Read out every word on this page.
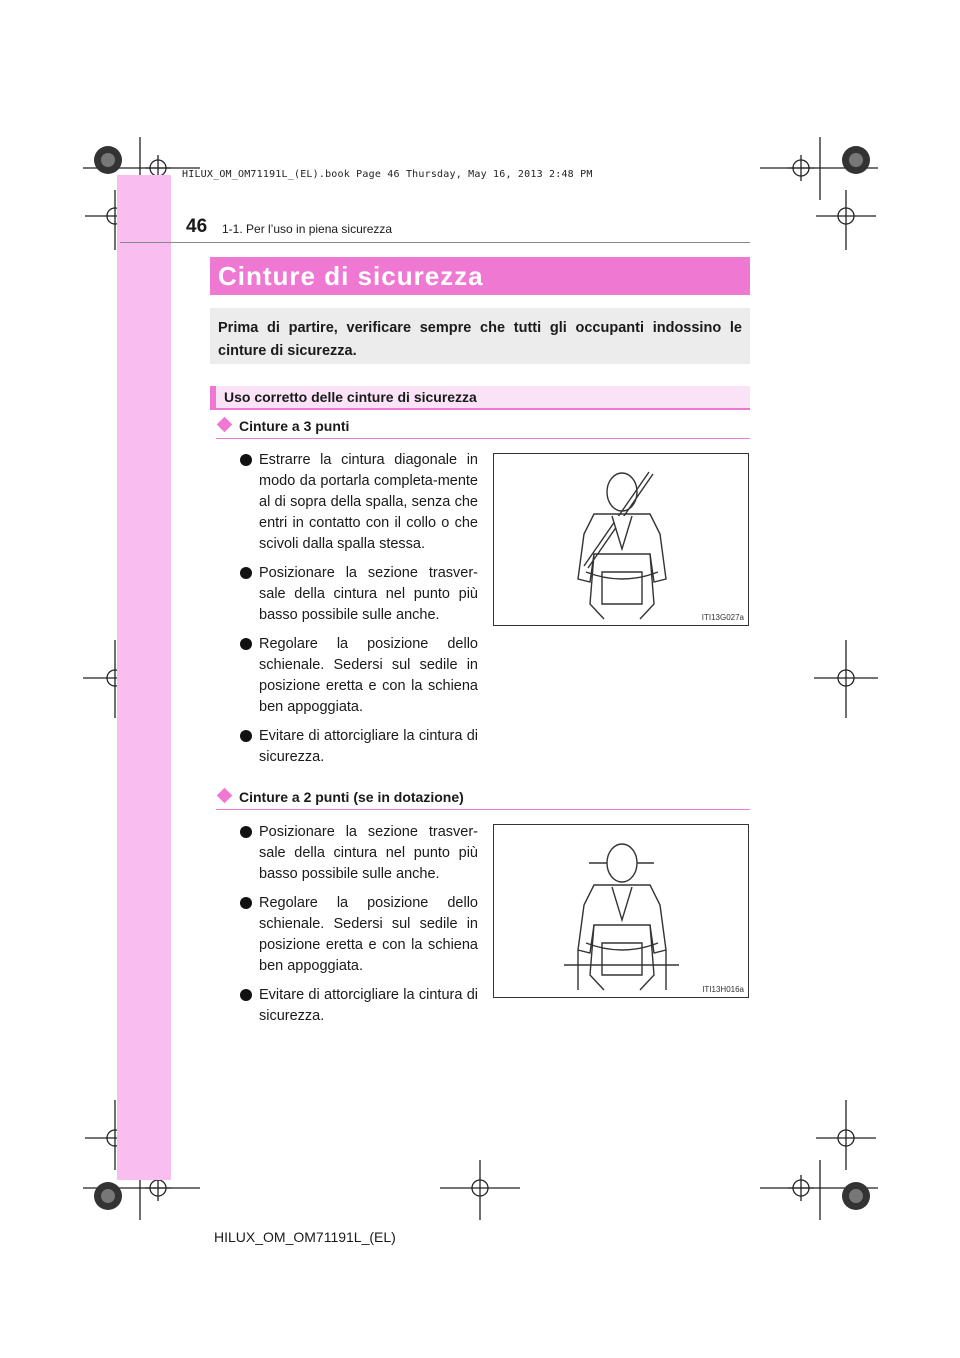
HILUX_OM_OM71191L_(EL).book Page 46 Thursday, May 16, 2013 2:48 PM
46 1-1. Per l’uso in piena sicurezza
Cinture di sicurezza
Prima di partire, verificare sempre che tutti gli occupanti indossino le cinture di sicurezza.
Uso corretto delle cinture di sicurezza
Cinture a 3 punti
Estrarre la cintura diagonale in modo da portarla completa-mente al di sopra della spalla, senza che entri in contatto con il collo o che scivoli dalla spalla stessa.
Posizionare la sezione trasver-sale della cintura nel punto più basso possibile sulle anche.
Regolare la posizione dello schienale. Sedersi sul sedile in posizione eretta e con la schiena ben appoggiata.
Evitare di attorcigliare la cintura di sicurezza.
ITI13G027a
Cinture a 2 punti (se in dotazione)
Posizionare la sezione trasver-sale della cintura nel punto più basso possibile sulle anche.
Regolare la posizione dello schienale. Sedersi sul sedile in posizione eretta e con la schiena ben appoggiata.
Evitare di attorcigliare la cintura di sicurezza.
ITI13H016a
HILUX_OM_OM71191L_(EL)
